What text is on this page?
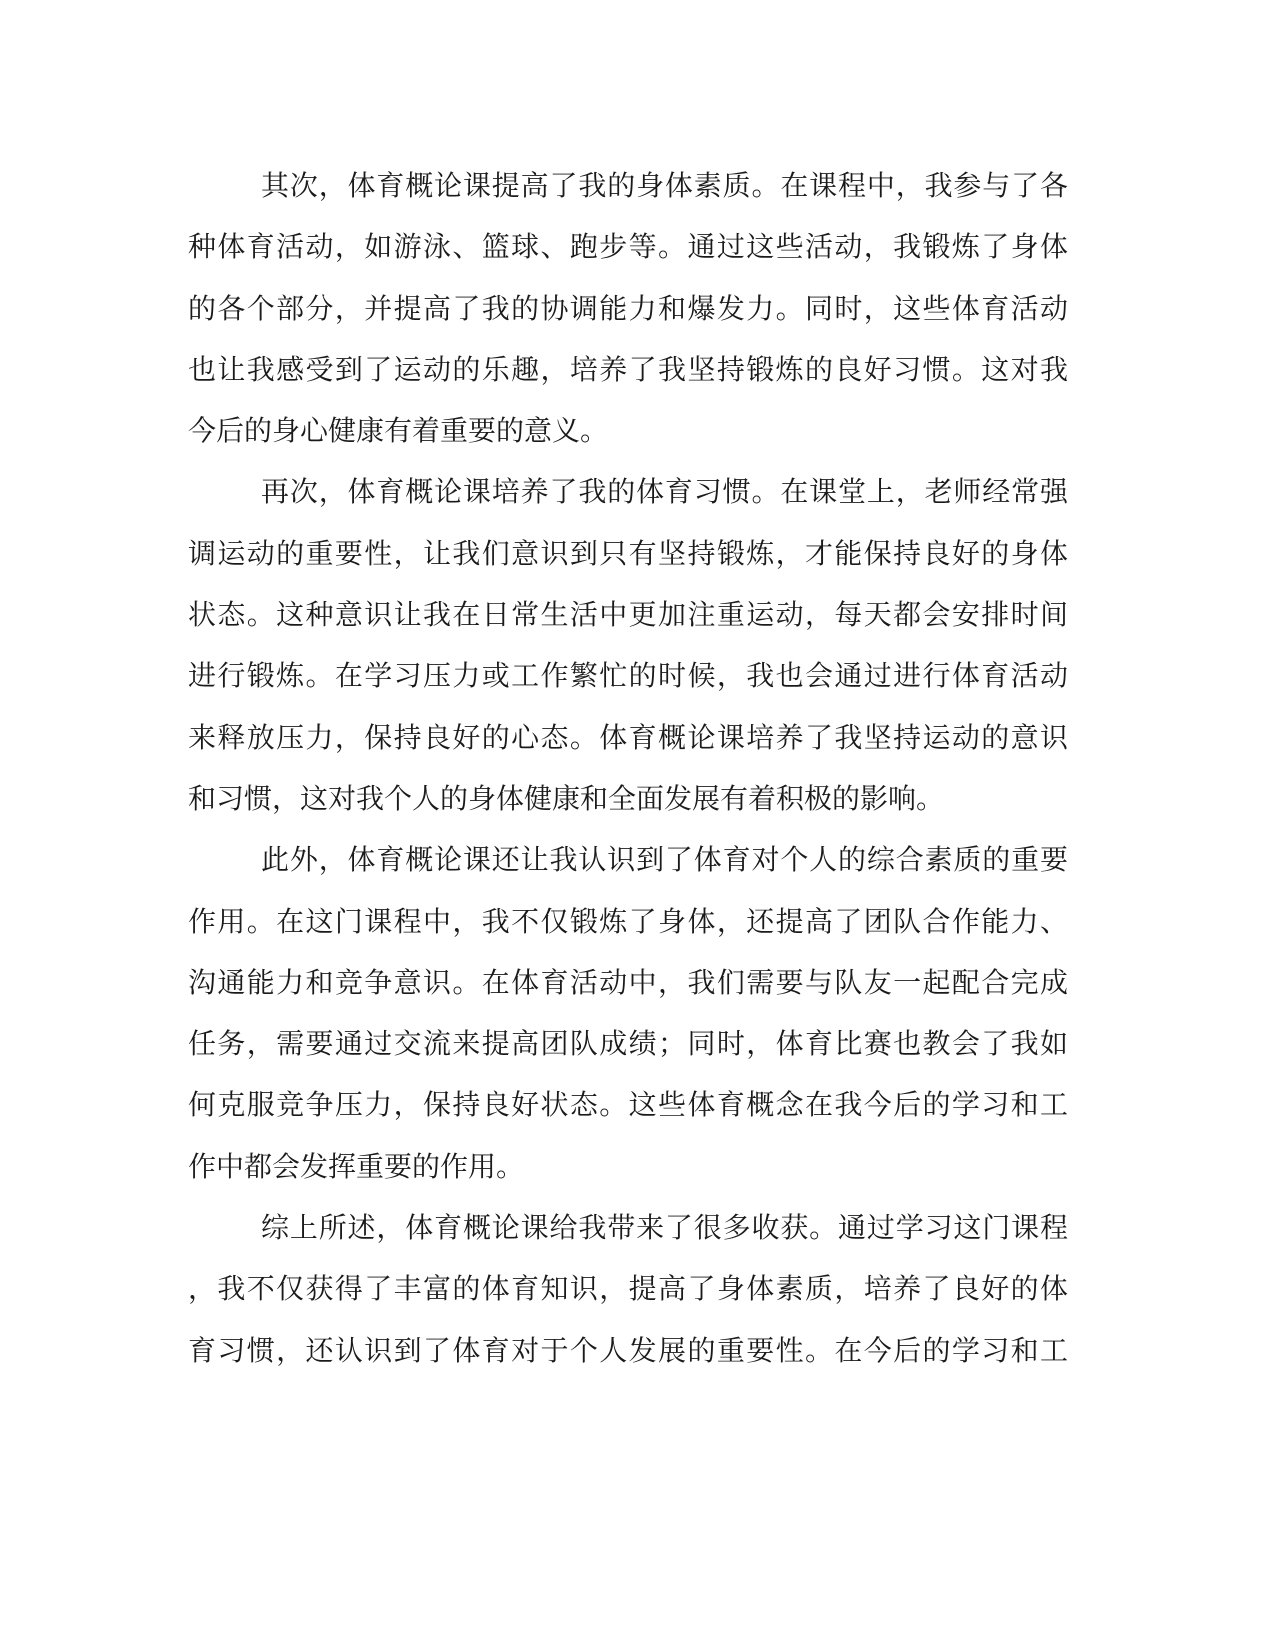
其次，体育概论课提高了我的身体素质。在课程中，我参与了各
种体育活动，如游泳、篮球、跑步等。通过这些活动，我锻炼了身体
的各个部分，并提高了我的协调能力和爆发力。同时，这些体育活动
也让我感受到了运动的乐趣，培养了我坚持锻炼的良好习惯。这对我
今后的身心健康有着重要的意义。
再次，体育概论课培养了我的体育习惯。在课堂上，老师经常强
调运动的重要性，让我们意识到只有坚持锻炼，才能保持良好的身体
状态。这种意识让我在日常生活中更加注重运动，每天都会安排时间
进行锻炼。在学习压力或工作繁忙的时候，我也会通过进行体育活动
来释放压力，保持良好的心态。体育概论课培养了我坚持运动的意识
和习惯，这对我个人的身体健康和全面发展有着积极的影响。
此外，体育概论课还让我认识到了体育对个人的综合素质的重要
作用。在这门课程中，我不仅锻炼了身体，还提高了团队合作能力、
沟通能力和竞争意识。在体育活动中，我们需要与队友一起配合完成
任务，需要通过交流来提高团队成绩；同时，体育比赛也教会了我如
何克服竞争压力，保持良好状态。这些体育概念在我今后的学习和工
作中都会发挥重要的作用。
综上所述，体育概论课给我带来了很多收获。通过学习这门课程
，我不仅获得了丰富的体育知识，提高了身体素质，培养了良好的体
育习惯，还认识到了体育对于个人发展的重要性。在今后的学习和工
